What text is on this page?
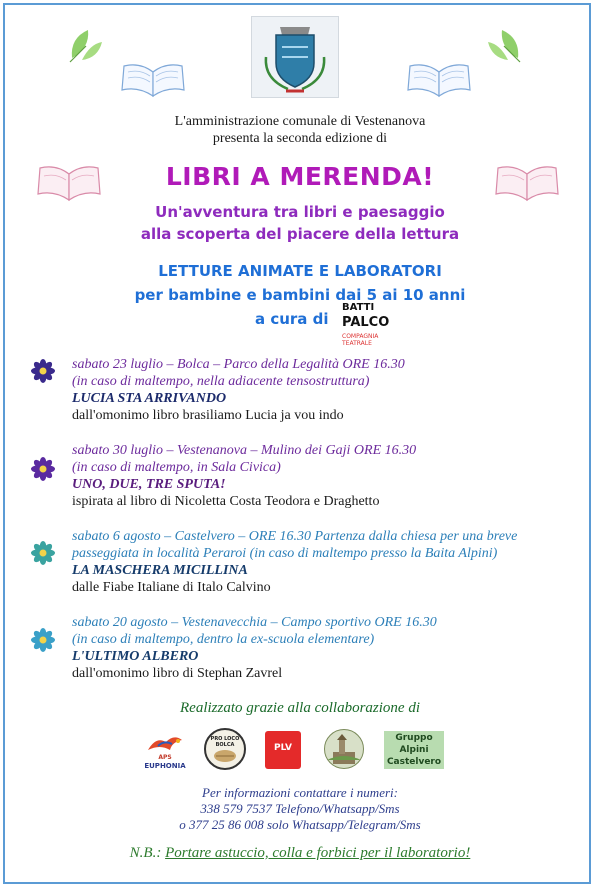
L'amministrazione comunale di Vestenanova
presenta la seconda edizione di
LIBRI A MERENDA!
Un'avventura tra libri e paesaggio
alla scoperta del piacere della lettura
LETTURE ANIMATE E LABORATORI
per bambine e bambini dai 5 ai 10 anni
a cura di
BATTI
PALCO
COMPAGNIA TEATRALE
sabato 23 luglio – Bolca – Parco della Legalità ORE 16.30
(in caso di maltempo, nella adiacente tensostruttura)
LUCIA STA ARRIVANDO
dall'omonimo libro brasiliamo Lucia ja vou indo
sabato 30 luglio – Vestenanova – Mulino dei Gaji ORE 16.30
(in caso di maltempo, in Sala Civica)
UNO, DUE, TRE SPUTA!
ispirata al libro di Nicoletta Costa Teodora e Draghetto
sabato 6 agosto – Castelvero – ORE 16.30 Partenza dalla chiesa per una breve
passeggiata in località Peraroi (in caso di maltempo presso la Baita Alpini)
LA MASCHERA MICILLINA
dalle Fiabe Italiane di Italo Calvino
sabato 20 agosto – Vestenavecchia – Campo sportivo ORE 16.30
(in caso di maltempo, dentro la ex-scuola elementare)
L'ULTIMO ALBERO
dall'omonimo libro di Stephan Zavrel
Realizzato grazie alla collaborazione di
APS
EUPHONIA
PRO LOCO BOLCA	PLV
Gruppo
Alpini
Castelvero
Per informazioni contattare i numeri:
338 579 7537 Telefono/Whatsapp/Sms
o 377 25 86 008 solo Whatsapp/Telegram/Sms
N.B.: Portare astuccio, colla e forbici per il laboratorio!
